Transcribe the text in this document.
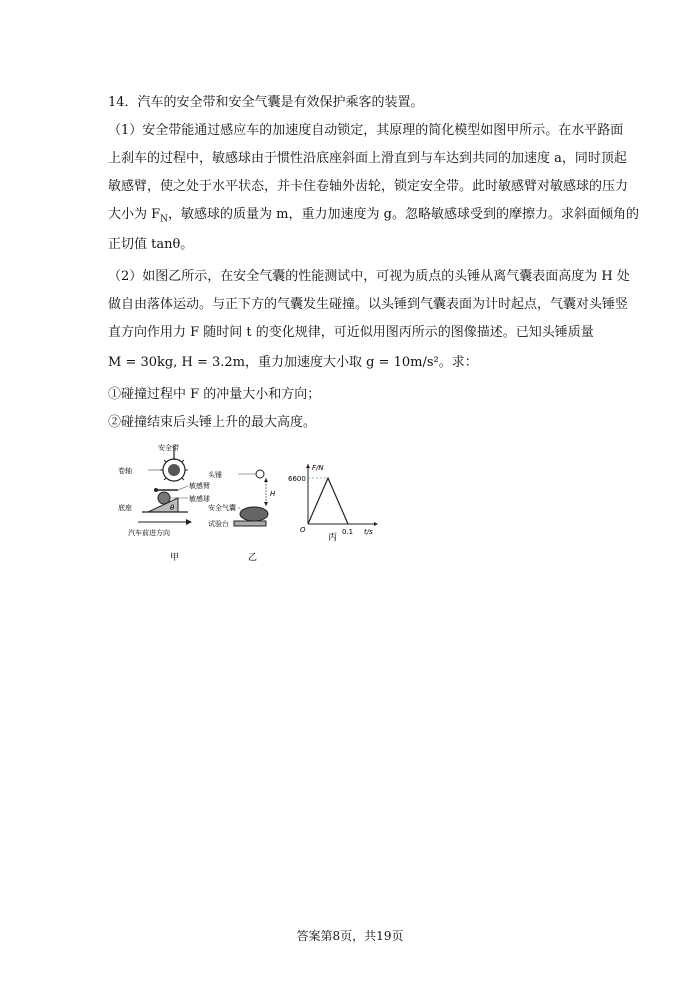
14．汽车的安全带和安全气囊是有效保护乘客的装置。
（1）安全带能通过感应车的加速度自动锁定，其原理的简化模型如图甲所示。在水平路面
上刹车的过程中，敏感球由于惯性沿底座斜面上滑直到与车达到共同的加速度 a，同时顶起
敏感臂，使之处于水平状态，并卡住卷轴外齿轮，锁定安全带。此时敏感臂对敏感球的压力
大小为 $F_N$，敏感球的质量为 m，重力加速度为 g。忽略敏感球受到的摩擦力。求斜面倾角的
正切值 tanθ。
（2）如图乙所示，在安全气囊的性能测试中，可视为质点的头锤从离气囊表面高度为 H 处
做自由落体运动。与正下方的气囊发生碰撞。以头锤到气囊表面为计时起点，气囊对头锤竖
直方向作用力 F 随时间 t 的变化规律，可近似用图丙所示的图像描述。已知头锤质量
M = 30kg, H = 3.2m，重力加速度大小取 g = 10m/s²。求：
①碰撞过程中 F 的冲量大小和方向；
②碰撞结束后头锤上升的最大高度。
安全带
卷轴
敏感臂
敏感球
底座	θ
汽车前进方向
甲
H
头锤
安全气囊
试验台
乙
F/N
t/s
6600
0.1
O
丙
答案第8页，共19页
